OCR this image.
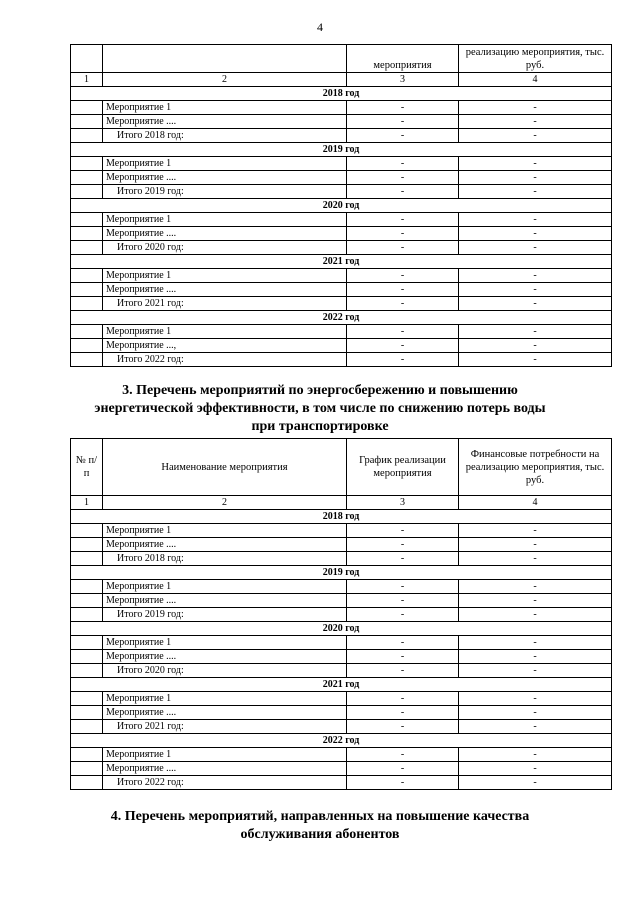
4
		мероприятия	реализацию мероприятия, тыс. руб.
1	2	3	4
2018 год			
	Мероприятие 1	-	-
	Мероприятие ....	-	-
	Итого 2018 год:	-	-
2019 год			
	Мероприятие 1	-	-
	Мероприятие ....	-	-
	Итого 2019 год:	-	-
2020 год			
	Мероприятие 1	-	-
	Мероприятие ....	-	-
	Итого 2020 год:	-	-
2021 год			
	Мероприятие 1	-	-
	Мероприятие ....	-	-
	Итого 2021 год:	-	-
2022 год			
	Мероприятие 1	-	-
	Мероприятие ...,	-	-
	Итого 2022 год:	-	-
3. Перечень мероприятий по энергосбережению и повышению энергетической эффективности, в том числе по снижению потерь воды при транспортировке
№ п/п	Наименование мероприятия	График реализации мероприятия	Финансовые потребности на реализацию мероприятия, тыс. руб.
1	2	3	4
2018 год			
	Мероприятие 1	-	-
	Мероприятие ....	-	-
	Итого 2018 год:	-	-
2019 год			
	Мероприятие 1	-	-
	Мероприятие ....	-	-
	Итого 2019 год:	-	-
2020 год			
	Мероприятие 1	-	-
	Мероприятие ....	-	-
	Итого 2020 год:	-	-
2021 год			
	Мероприятие 1	-	-
	Мероприятие ....	-	-
	Итого 2021 год:	-	-
2022 год			
	Мероприятие 1	-	-
	Мероприятие ....	-	-
	Итого 2022 год:	-	-
4. Перечень мероприятий, направленных на повышение качества обслуживания абонентов
